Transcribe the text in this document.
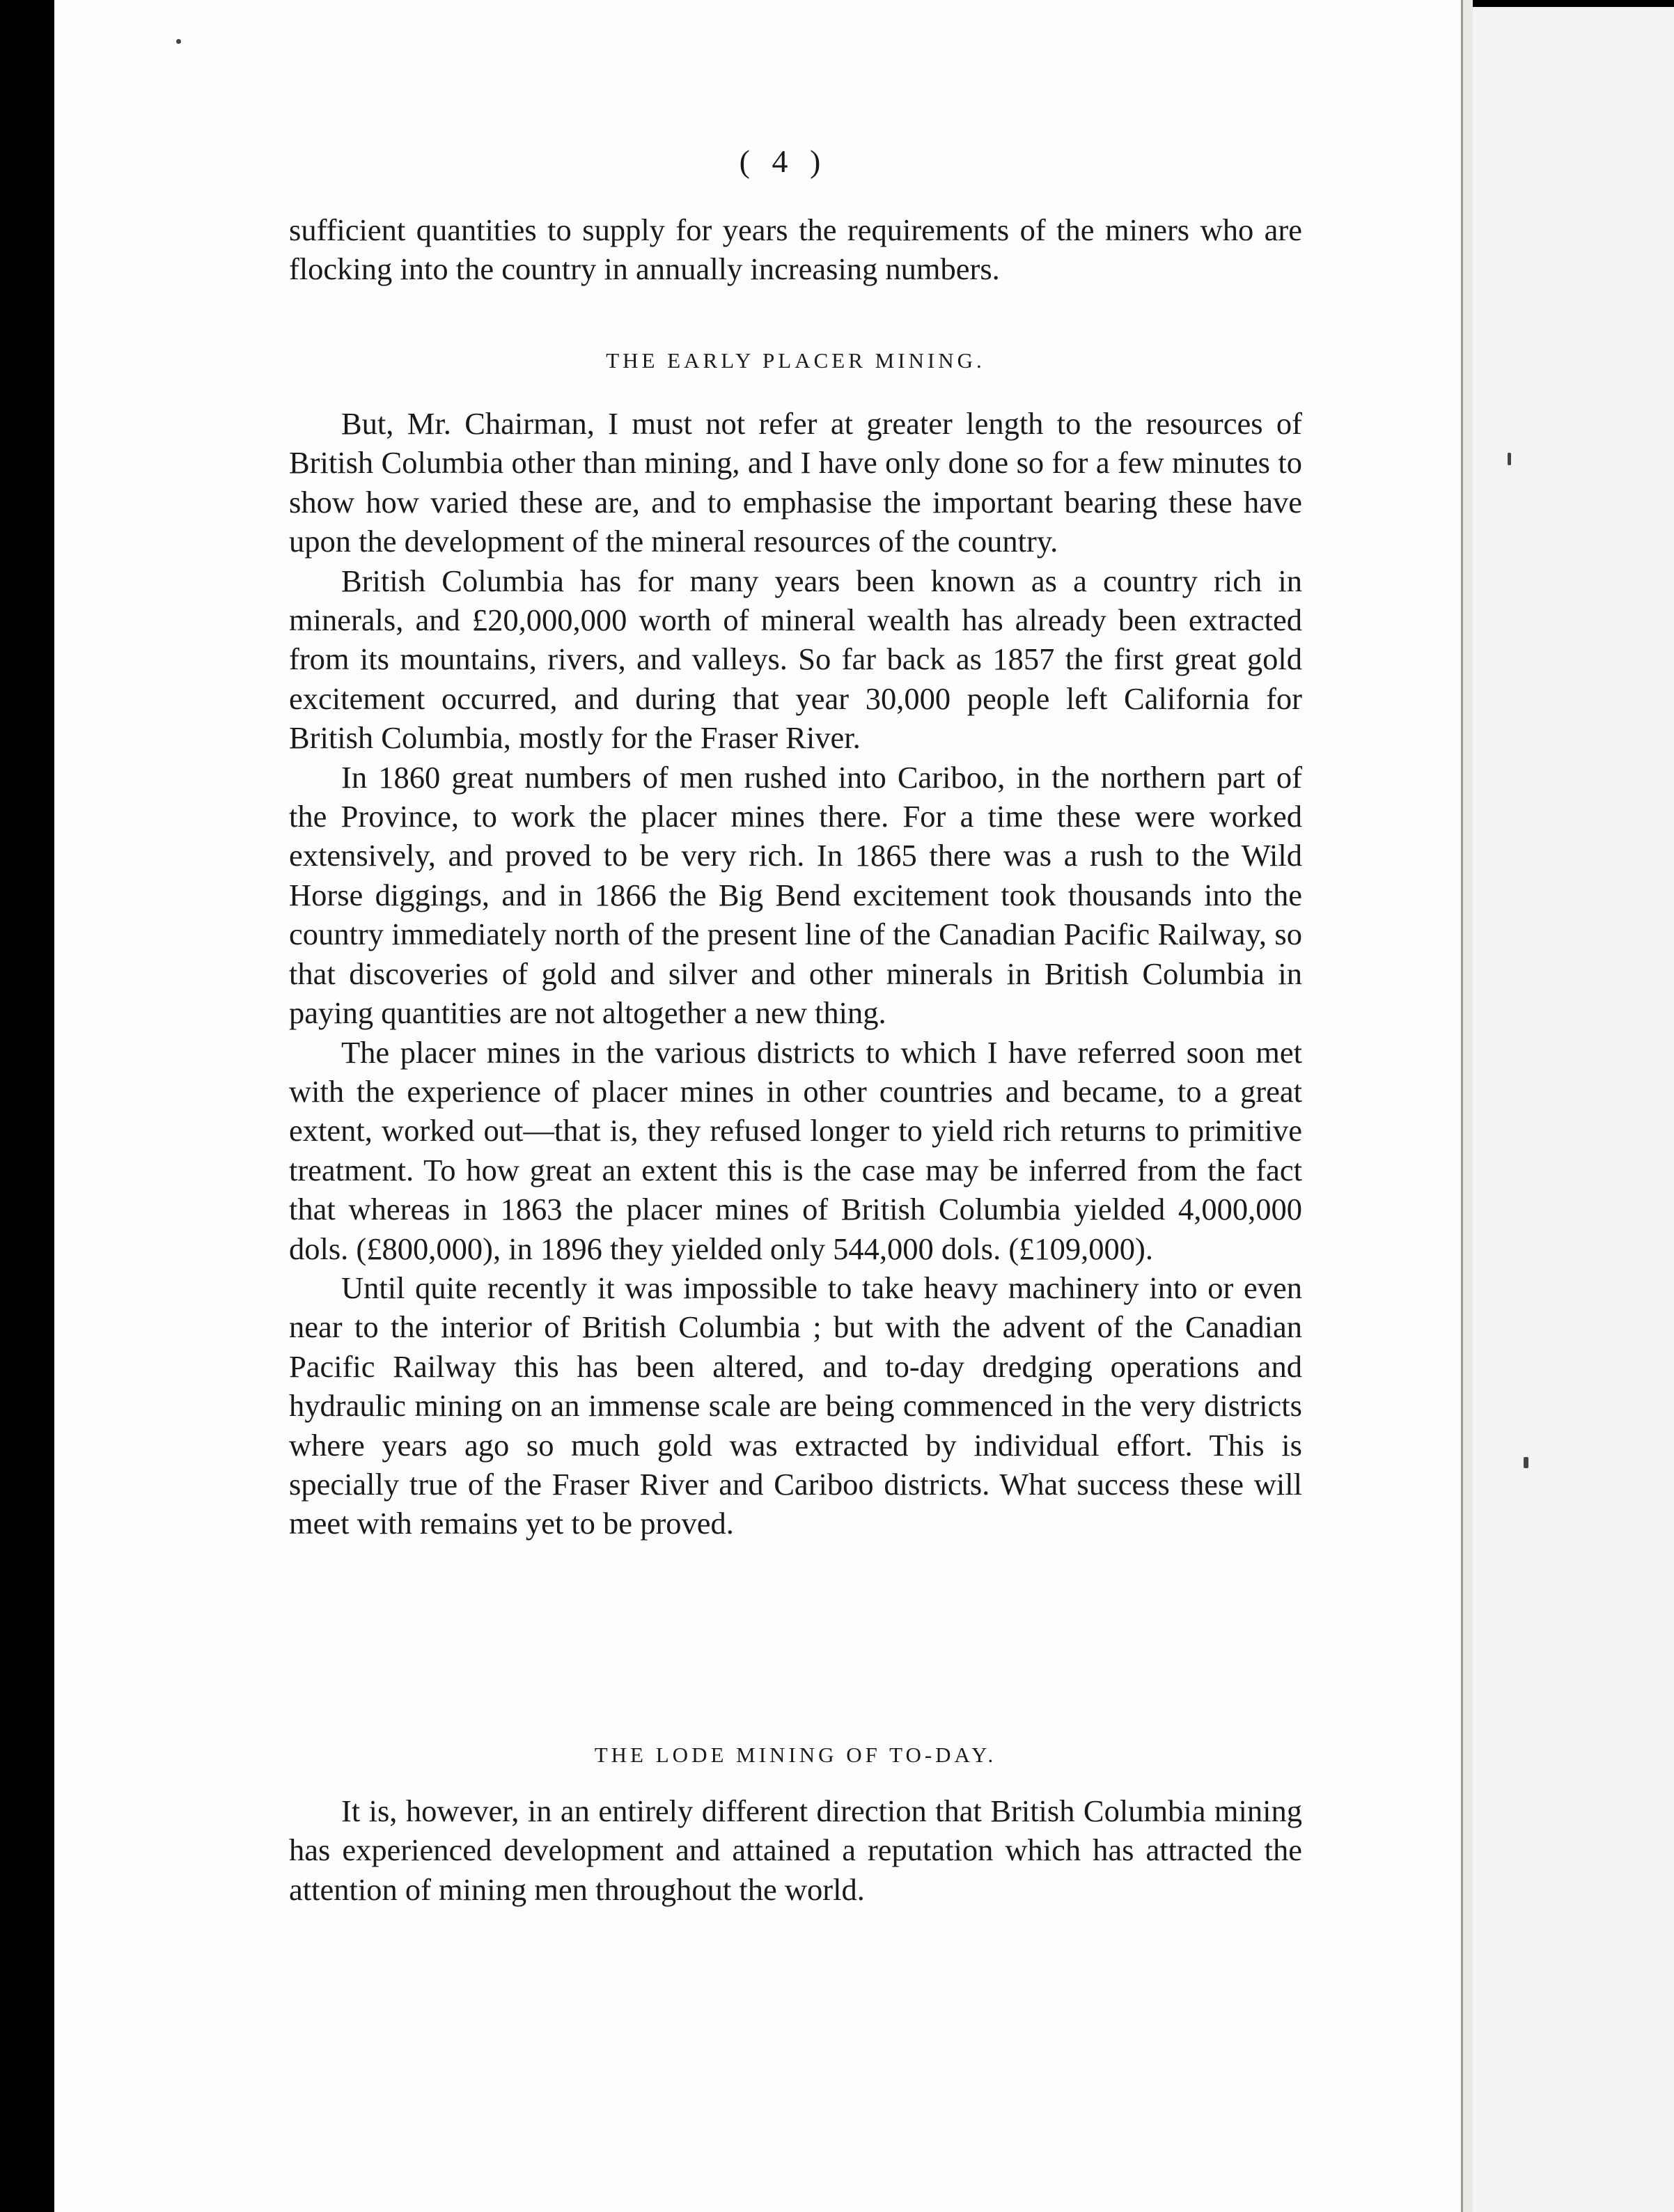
( 4 )

sufficient quantities to supply for years the requirements of the miners who are flocking into the country in annually increasing numbers.

THE EARLY PLACER MINING.

But, Mr. Chairman, I must not refer at greater length to the resources of British Columbia other than mining, and I have only done so for a few minutes to show how varied these are, and to emphasise the important bearing these have upon the development of the mineral resources of the country.

British Columbia has for many years been known as a country rich in minerals, and £20,000,000 worth of mineral wealth has already been extracted from its mountains, rivers, and valleys. So far back as 1857 the first great gold excitement occurred, and during that year 30,000 people left California for British Columbia, mostly for the Fraser River.

In 1860 great numbers of men rushed into Cariboo, in the northern part of the Province, to work the placer mines there. For a time these were worked extensively, and proved to be very rich. In 1865 there was a rush to the Wild Horse diggings, and in 1866 the Big Bend excitement took thousands into the country immediately north of the present line of the Canadian Pacific Railway, so that discoveries of gold and silver and other minerals in British Columbia in paying quantities are not altogether a new thing.

The placer mines in the various districts to which I have referred soon met with the experience of placer mines in other countries and became, to a great extent, worked out—that is, they refused longer to yield rich returns to primitive treatment. To how great an extent this is the case may be inferred from the fact that whereas in 1863 the placer mines of British Columbia yielded 4,000,000 dols. (£800,000), in 1896 they yielded only 544,000 dols. (£109,000).

Until quite recently it was impossible to take heavy machinery into or even near to the interior of British Columbia ; but with the advent of the Canadian Pacific Railway this has been altered, and to-day dredging operations and hydraulic mining on an immense scale are being commenced in the very districts where years ago so much gold was extracted by individual effort. This is specially true of the Fraser River and Cariboo districts. What success these will meet with remains yet to be proved.

THE LODE MINING OF TO-DAY.

It is, however, in an entirely different direction that British Columbia mining has experienced development and attained a reputation which has attracted the attention of mining men throughout the world.
